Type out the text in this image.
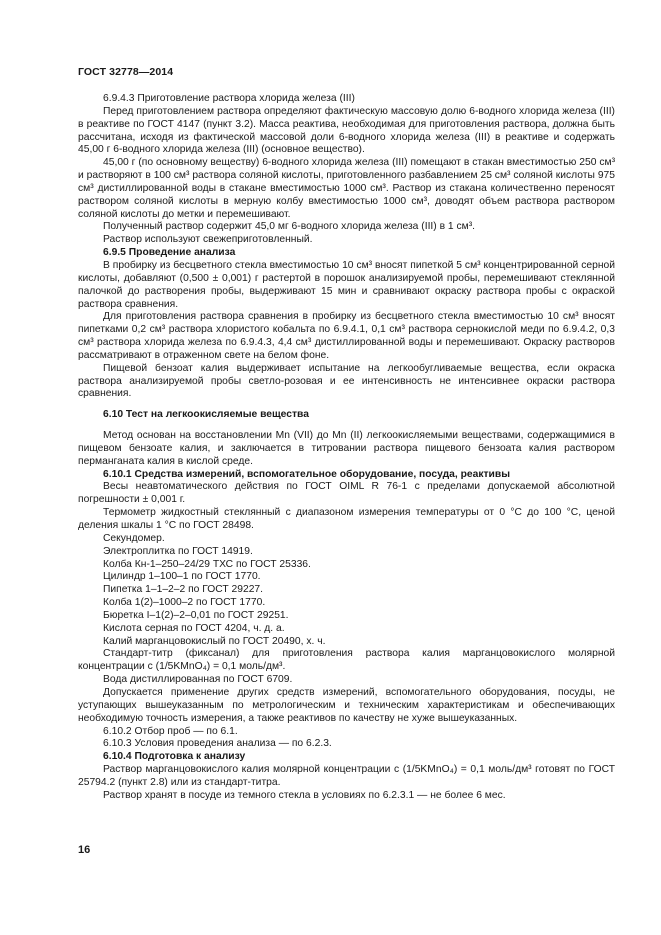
ГОСТ 32778—2014

6.9.4.3 Приготовление раствора хлорида железа (III)

Перед приготовлением раствора определяют фактическую массовую долю 6-водного хлорида железа (III) в реактиве по ГОСТ 4147 (пункт 3.2). Масса реактива, необходимая для приготовления раствора, должна быть рассчитана, исходя из фактической массовой доли 6-водного хлорида железа (III) в реактиве и содержать 45,00 г 6-водного хлорида железа (III) (основное вещество).

45,00 г (по основному веществу) 6-водного хлорида железа (III) помещают в стакан вместимостью 250 см³ и растворяют в 100 см³ раствора соляной кислоты, приготовленного разбавлением 25 см³ соляной кислоты 975 см³ дистиллированной воды в стакане вместимостью 1000 см³. Раствор из стакана количественно переносят раствором соляной кислоты в мерную колбу вместимостью 1000 см³, доводят объем раствора раствором соляной кислоты до метки и перемешивают.

Полученный раствор содержит 45,0 мг 6-водного хлорида железа (III) в 1 см³.

Раствор используют свежеприготовленный.

6.9.5 Проведение анализа

В пробирку из бесцветного стекла вместимостью 10 см³ вносят пипеткой 5 см³ концентрированной серной кислоты, добавляют (0,500 ± 0,001) г растертой в порошок анализируемой пробы, перемешивают стеклянной палочкой до растворения пробы, выдерживают 15 мин и сравнивают окраску раствора пробы с окраской раствора сравнения.

Для приготовления раствора сравнения в пробирку из бесцветного стекла вместимостью 10 см³ вносят пипетками 0,2 см³ раствора хлористого кобальта по 6.9.4.1, 0,1 см³ раствора сернокислой меди по 6.9.4.2, 0,3 см³ раствора хлорида железа по 6.9.4.3, 4,4 см³ дистиллированной воды и перемешивают. Окраску растворов рассматривают в отраженном свете на белом фоне.

Пищевой бензоат калия выдерживает испытание на легкообугливаемые вещества, если окраска раствора анализируемой пробы светло-розовая и ее интенсивность не интенсивнее окраски раствора сравнения.

6.10 Тест на легкоокисляемые вещества

Метод основан на восстановлении Mn (VII) до Mn (II) легкоокисляемыми веществами, содержащимися в пищевом бензоате калия, и заключается в титровании раствора пищевого бензоата калия раствором перманганата калия в кислой среде.

6.10.1 Средства измерений, вспомогательное оборудование, посуда, реактивы

Весы неавтоматического действия по ГОСТ OIML R 76-1 с пределами допускаемой абсолютной погрешности ± 0,001 г.

Термометр жидкостный стеклянный с диапазоном измерения температуры от 0 °С до 100 °С, ценой деления шкалы 1 °С по ГОСТ 28498.

Секундомер.

Электроплитка по ГОСТ 14919.

Колба Кн-1–250–24/29 ТХС по ГОСТ 25336.

Цилиндр 1–100–1 по ГОСТ 1770.

Пипетка 1–1–2–2 по ГОСТ 29227.

Колба 1(2)–1000–2 по ГОСТ 1770.

Бюретка I–1(2)–2–0,01 по ГОСТ 29251.

Кислота серная по ГОСТ 4204, ч. д. а.

Калий марганцовокислый по ГОСТ 20490, х. ч.

Стандарт-титр (фиксанал) для приготовления раствора калия марганцовокислого молярной концентрации с (1/5KMnO₄) = 0,1 моль/дм³.

Вода дистиллированная по ГОСТ 6709.

Допускается применение других средств измерений, вспомогательного оборудования, посуды, не уступающих вышеуказанным по метрологическим и техническим характеристикам и обеспечивающих необходимую точность измерения, а также реактивов по качеству не хуже вышеуказанных.

6.10.2 Отбор проб — по 6.1.

6.10.3 Условия проведения анализа — по 6.2.3.

6.10.4 Подготовка к анализу

Раствор марганцовокислого калия молярной концентрации с (1/5KMnO₄) = 0,1 моль/дм³ готовят по ГОСТ 25794.2 (пункт 2.8) или из стандарт-титра.

Раствор хранят в посуде из темного стекла в условиях по 6.2.3.1 — не более 6 мес.

16
